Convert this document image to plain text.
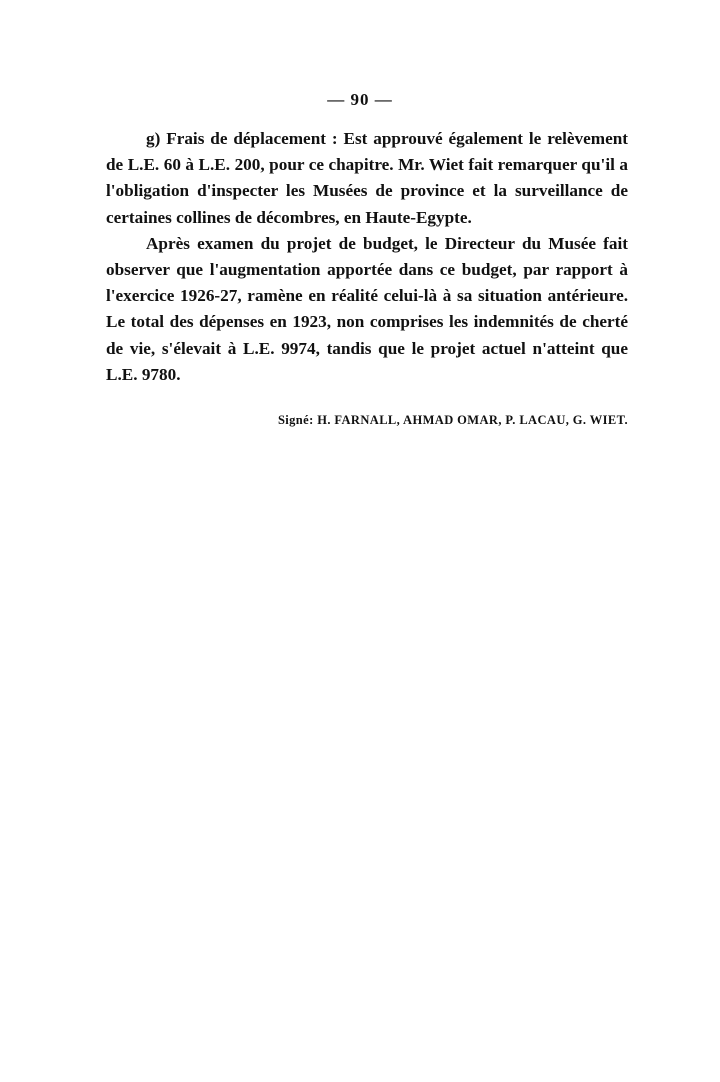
— 90 —

g) Frais de déplacement : Est approuvé également le relèvement de L.E. 60 à L.E. 200, pour ce chapitre. Mr. Wiet fait remarquer qu'il a l'obligation d'inspecter les Musées de province et la surveillance de certaines collines de décombres, en Haute-Egypte.

Après examen du projet de budget, le Directeur du Musée fait observer que l'augmentation apportée dans ce budget, par rapport à l'exercice 1926-27, ramène en réalité celui-là à sa situation antérieure. Le total des dépenses en 1923, non comprises les indemnités de cherté de vie, s'élevait à L.E. 9974, tandis que le projet actuel n'atteint que L.E. 9780.

Signé: H. FARNALL, AHMAD OMAR, P. LACAU, G. WIET.
